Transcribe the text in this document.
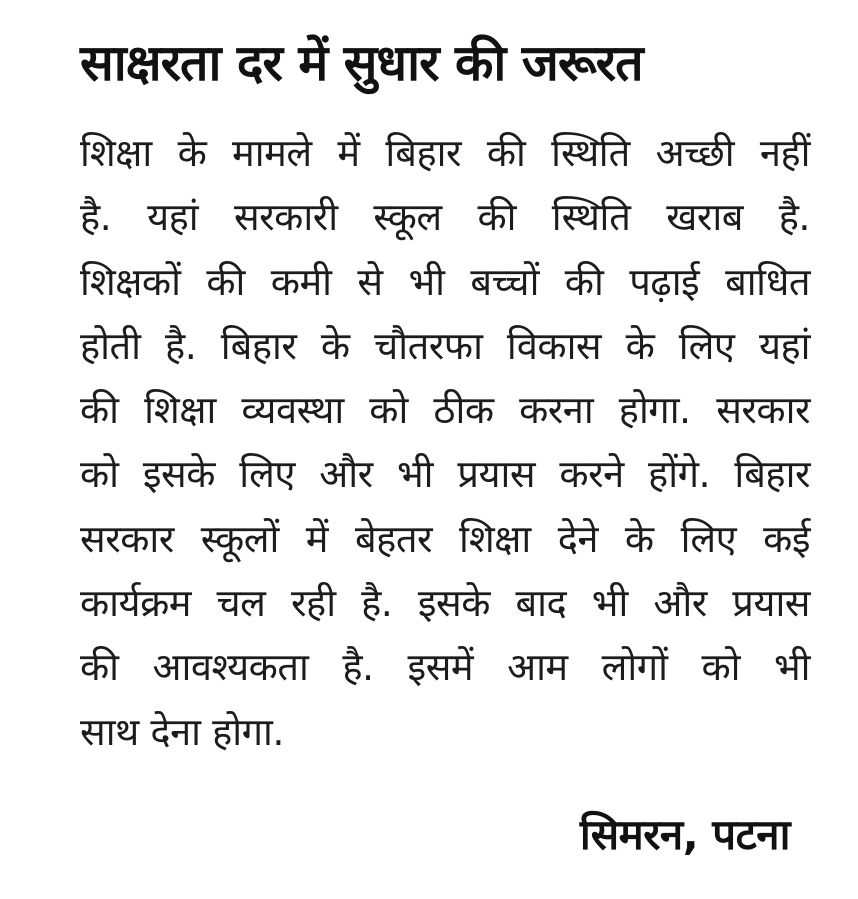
साक्षरता दर में सुधार की जरूरत
शिक्षा के मामले में बिहार की स्थिति अच्छी नहीं
है. यहां सरकारी स्कूल की स्थिति खराब है.
शिक्षकों की कमी से भी बच्चों की पढ़ाई बाधित
होती है. बिहार के चौतरफा विकास के लिए यहां
की शिक्षा व्यवस्था को ठीक करना होगा. सरकार
को इसके लिए और भी प्रयास करने होंगे. बिहार
सरकार स्कूलों में बेहतर शिक्षा देने के लिए कई
कार्यक्रम चल रही है. इसके बाद भी और प्रयास
की आवश्यकता है. इसमें आम लोगों को भी
साथ देना होगा.
सिमरन, पटना
